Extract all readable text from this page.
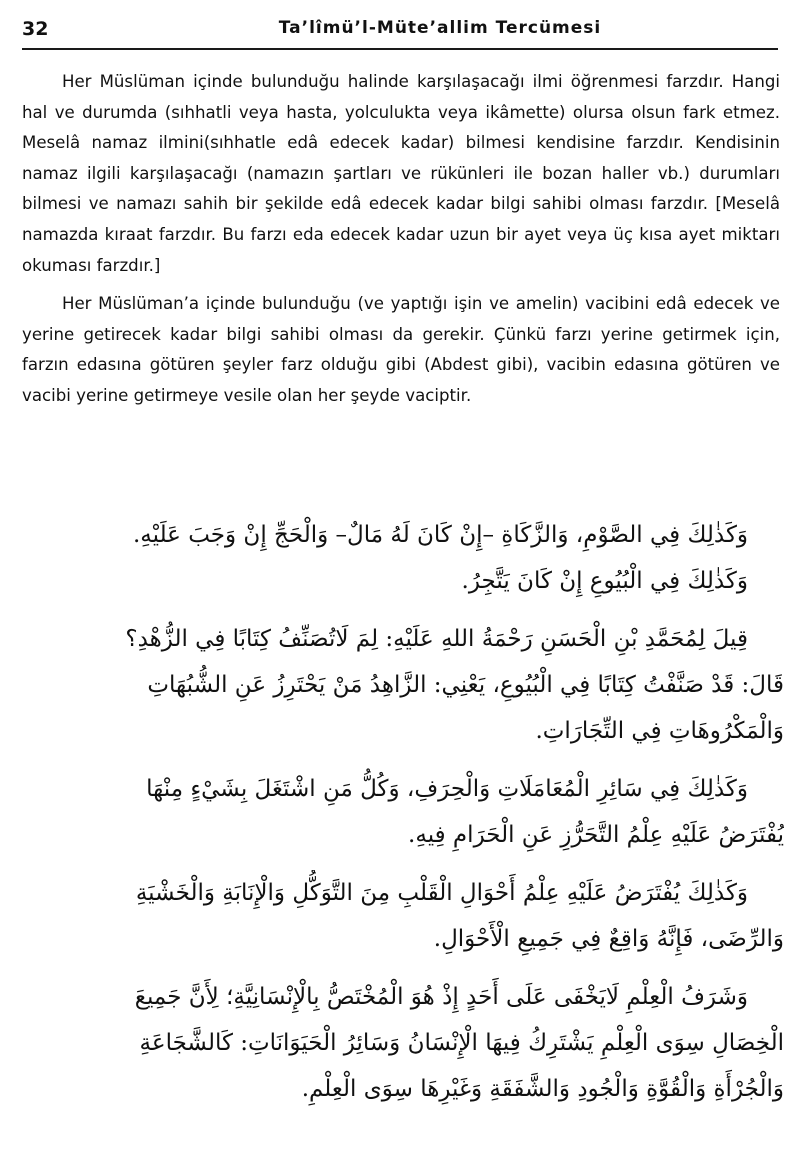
32	Ta’lîmü’l-Müte’allim Tercümesi

Her Müslüman içinde bulunduğu halinde karşılaşacağı ilmi öğrenmesi farzdır. Hangi hal ve durumda (sıhhatli veya hasta, yolculukta veya ikâmette) olursa olsun fark etmez. Meselâ namaz ilmini(sıhhatle edâ edecek kadar) bilmesi kendisine farzdır. Kendisinin namaz ilgili karşılaşacağı (namazın şartları ve rükünleri ile bozan haller vb.) durumları bilmesi ve namazı sahih bir şekilde edâ edecek kadar bilgi sahibi olması farzdır. [Meselâ namazda kıraat farzdır. Bu farzı eda edecek kadar uzun bir ayet veya üç kısa ayet miktarı okuması farzdır.]

Her Müslüman’a içinde bulunduğu (ve yaptığı işin ve amelin) vacibini edâ edecek ve yerine getirecek kadar bilgi sahibi olması da gerekir. Çünkü farzı yerine getirmek için, farzın edasına götüren şeyler farz olduğu gibi (Abdest gibi), vacibin edasına götüren ve vacibi yerine getirmeye vesile olan her şeyde vaciptir.

وَكَذٰلِكَ فِي الصَّوْمِ، وَالزَّكَاةِ –إِنْ كَانَ لَهُ مَالٌ– وَالْحَجِّ إِنْ وَجَبَ عَلَيْهِ.
وَكَذٰلِكَ فِي الْبُيُوعِ إِنْ كَانَ يَتَّجِرُ.
قِيلَ لِمُحَمَّدِ بْنِ الْحَسَنِ رَحْمَةُ اللهِ عَلَيْهِ: لِمَ لَاتُصَنِّفُ كِتَابًا فِي الزُّهْدِ؟
قَالَ: قَدْ صَنَّفْتُ كِتَابًا فِي الْبُيُوعِ، يَعْنِي: الزَّاهِدُ مَنْ يَحْتَرِزُ عَنِ الشُّبُهَاتِ
وَالْمَكْرُوهَاتِ فِي التِّجَارَاتِ.
وَكَذٰلِكَ فِي سَائِرِ الْمُعَامَلَاتِ وَالْحِرَفِ، وَكُلُّ مَنِ اشْتَغَلَ بِشَيْءٍ مِنْهَا
يُفْتَرَضُ عَلَيْهِ عِلْمُ التَّحَرُّزِ عَنِ الْحَرَامِ فِيهِ.
وَكَذٰلِكَ يُفْتَرَضُ عَلَيْهِ عِلْمُ أَحْوَالِ الْقَلْبِ مِنَ التَّوَكُّلِ وَالْإِنَابَةِ وَالْخَشْيَةِ
وَالرِّضَى، فَإِنَّهُ وَاقِعٌ فِي جَمِيعِ الْأَحْوَالِ.
وَشَرَفُ الْعِلْمِ لَايَخْفَى عَلَى أَحَدٍ إِذْ هُوَ الْمُخْتَصُّ بِالْإِنْسَانِيَّةِ؛ لِأَنَّ جَمِيعَ
الْخِصَالِ سِوَى الْعِلْمِ يَشْتَرِكُ فِيهَا الْإِنْسَانُ وَسَائِرُ الْحَيَوَانَاتِ: كَالشَّجَاعَةِ
وَالْجُرْأَةِ وَالْقُوَّةِ وَالْجُودِ وَالشَّفَقَةِ وَغَيْرِهَا سِوَى الْعِلْمِ.
